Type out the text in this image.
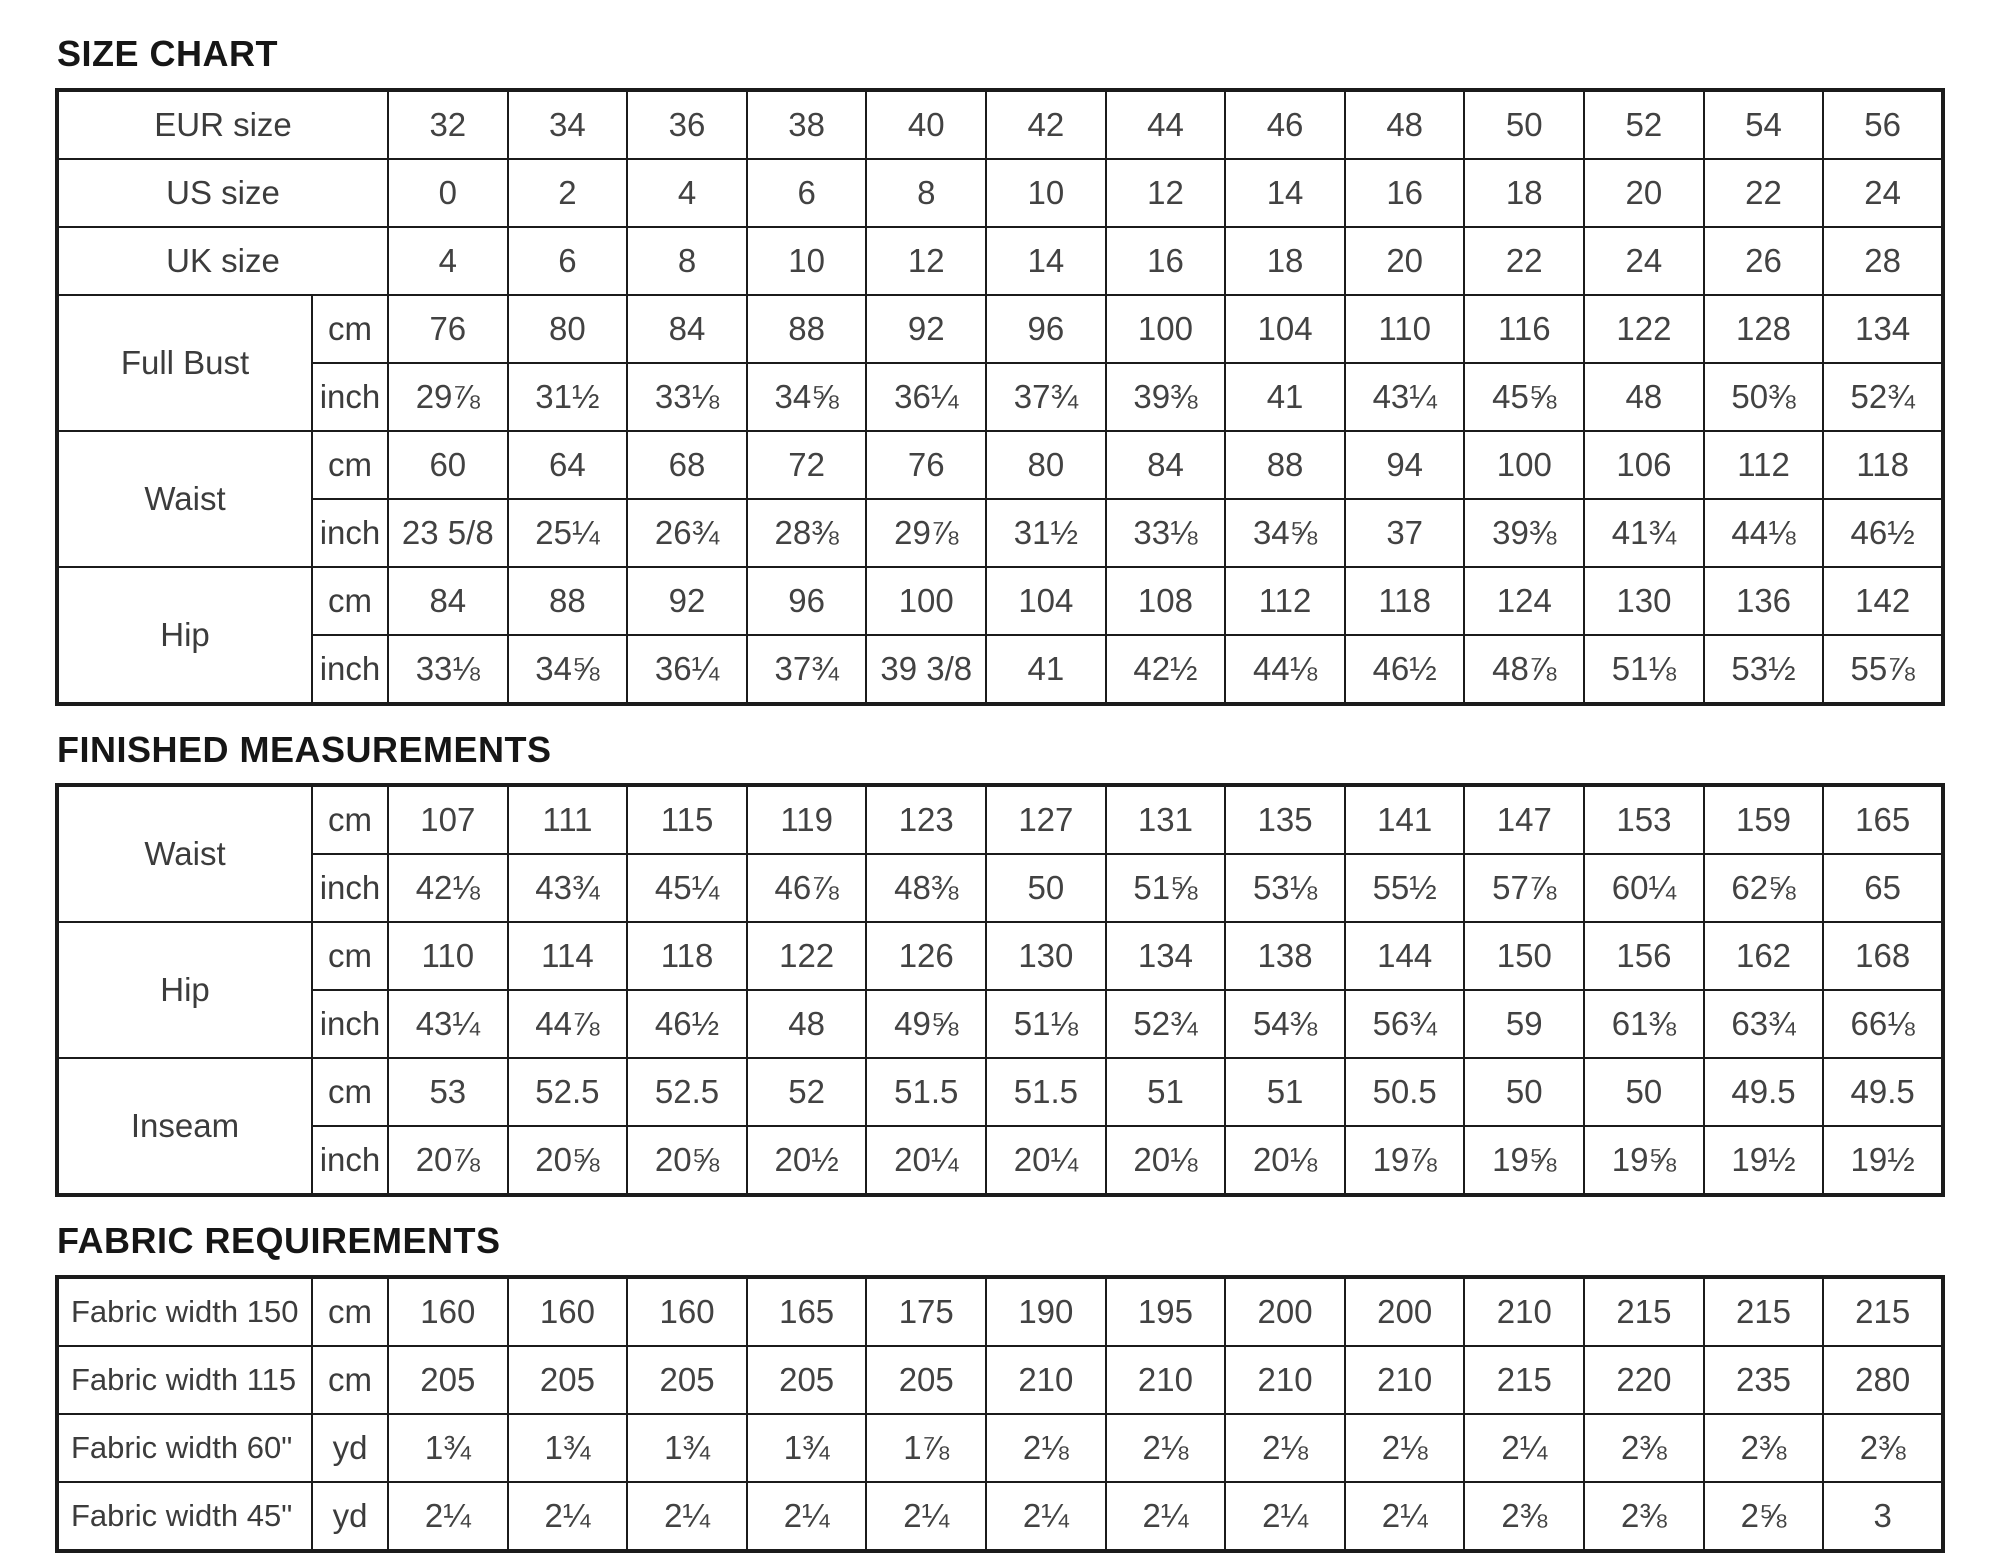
SIZE CHART
EUR size		32	34	36	38	40	42	44	46	48	50	52	54	56
US size		0	2	4	6	8	10	12	14	16	18	20	22	24
UK size		4	6	8	10	12	14	16	18	20	22	24	26	28
Full Bust	cm	76	80	84	88	92	96	100	104	110	116	122	128	134
	inch	29⅞	31½	33⅛	34⅝	36¼	37¾	39⅜	41	43¼	45⅝	48	50⅜	52¾
Waist	cm	60	64	68	72	76	80	84	88	94	100	106	112	118
	inch	23 5/8	25¼	26¾	28⅜	29⅞	31½	33⅛	34⅝	37	39⅜	41¾	44⅛	46½
Hip	cm	84	88	92	96	100	104	108	112	118	124	130	136	142
	inch	33⅛	34⅝	36¼	37¾	39 3/8	41	42½	44⅛	46½	48⅞	51⅛	53½	55⅞
FINISHED MEASUREMENTS
Waist	cm	107	111	115	119	123	127	131	135	141	147	153	159	165
	inch	42⅛	43¾	45¼	46⅞	48⅜	50	51⅝	53⅛	55½	57⅞	60¼	62⅝	65
Hip	cm	110	114	118	122	126	130	134	138	144	150	156	162	168
	inch	43¼	44⅞	46½	48	49⅝	51⅛	52¾	54⅜	56¾	59	61⅜	63¾	66⅛
Inseam	cm	53	52.5	52.5	52	51.5	51.5	51	51	50.5	50	50	49.5	49.5
	inch	20⅞	20⅝	20⅝	20½	20¼	20¼	20⅛	20⅛	19⅞	19⅝	19⅝	19½	19½
FABRIC REQUIREMENTS
Fabric width 150	cm	160	160	160	165	175	190	195	200	200	210	215	215	215
Fabric width 115	cm	205	205	205	205	205	210	210	210	210	215	220	235	280
Fabric width 60"	yd	1¾	1¾	1¾	1¾	1⅞	2⅛	2⅛	2⅛	2⅛	2¼	2⅜	2⅜	2⅜
Fabric width 45"	yd	2¼	2¼	2¼	2¼	2¼	2¼	2¼	2¼	2¼	2⅜	2⅜	2⅝	3
